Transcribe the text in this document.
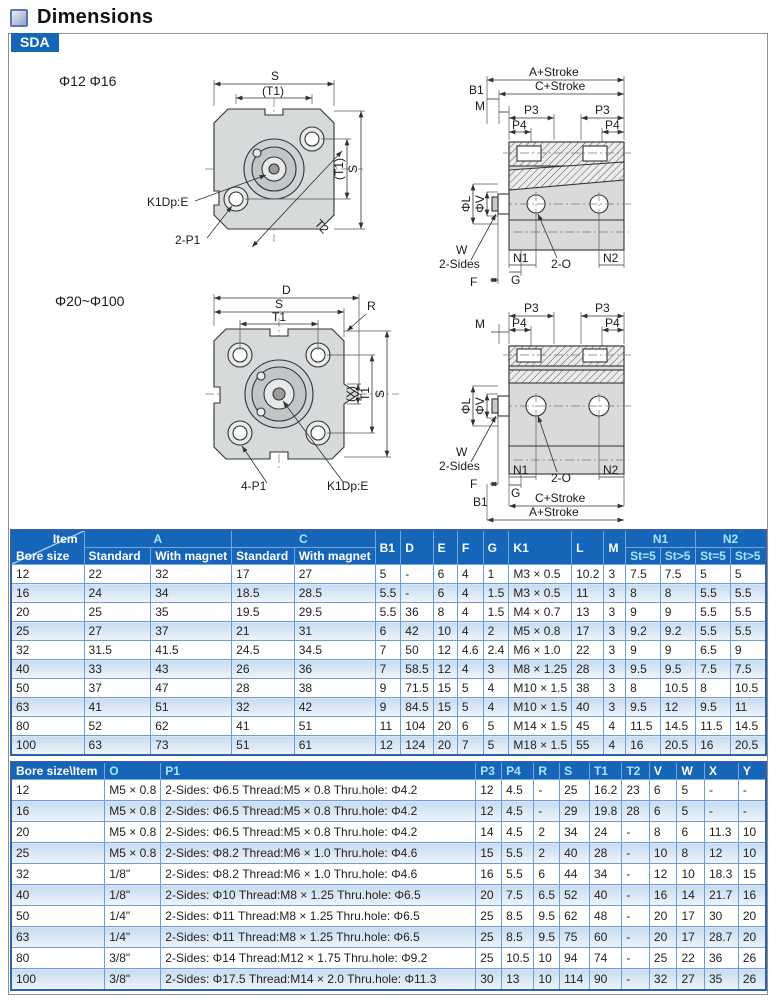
Dimensions
SDA
Φ12 Φ16	S
(T1)
(T1) S
T2
K1Dp:E
2-P1
A+Stroke
C+Stroke
B1
M	P3	P3
P4	P4
ΦL ΦV
W
2-Sides	N1	N2
2-O
G
F
Φ20~Φ100
D
S
T1
R
(X) T1 S
4-P1	K1Dp:E
P3	P3
P4	P4
M
ΦL ΦV
W
2-Sides	N1	N2
2-O
F
G
B1	C+Stroke
A+Stroke
Item
Bore size	A		C		B1	D	E	F	G	K1	L	M	N1		N2	
	Standard	With magnet	Standard	With magnet									St=5	St>5	St=5	St>5
12	22	32	17	27	5	-	6	4	1	M3 × 0.5	10.2	3	7.5	7.5	5	5
16	24	34	18.5	28.5	5.5	-	6	4	1.5	M3 × 0.5	11	3	8	8	5.5	5.5
20	25	35	19.5	29.5	5.5	36	8	4	1.5	M4 × 0.7	13	3	9	9	5.5	5.5
25	27	37	21	31	6	42	10	4	2	M5 × 0.8	17	3	9.2	9.2	5.5	5.5
32	31.5	41.5	24.5	34.5	7	50	12	4.6	2.4	M6 × 1.0	22	3	9	9	6.5	9
40	33	43	26	36	7	58.5	12	4	3	M8 × 1.25	28	3	9.5	9.5	7.5	7.5
50	37	47	28	38	9	71.5	15	5	4	M10 × 1.5	38	3	8	10.5	8	10.5
63	41	51	32	42	9	84.5	15	5	4	M10 × 1.5	40	3	9.5	12	9.5	11
80	52	62	41	51	11	104	20	6	5	M14 × 1.5	45	4	11.5	14.5	11.5	14.5
100	63	73	51	61	12	124	20	7	5	M18 × 1.5	55	4	16	20.5	16	20.5
Bore size\Item	O	P1	P3	P4	R	S	T1	T2	V	W	X	Y
12	M5 × 0.8	2-Sides: Φ6.5 Thread:M5 × 0.8 Thru.hole: Φ4.2	12	4.5	-	25	16.2	23	6	5	-	-
16	M5 × 0.8	2-Sides: Φ6.5 Thread:M5 × 0.8 Thru.hole: Φ4.2	12	4.5	-	29	19.8	28	6	5	-	-
20	M5 × 0.8	2-Sides: Φ6.5 Thread:M5 × 0.8 Thru.hole: Φ4.2	14	4.5	2	34	24	-	8	6	11.3	10
25	M5 × 0.8	2-Sides: Φ8.2 Thread:M6 × 1.0 Thru.hole: Φ4.6	15	5.5	2	40	28	-	10	8	12	10
32	1/8"	2-Sides: Φ8.2 Thread:M6 × 1.0 Thru.hole: Φ4.6	16	5.5	6	44	34	-	12	10	18.3	15
40	1/8"	2-Sides: Φ10 Thread:M8 × 1.25 Thru.hole: Φ6.5	20	7.5	6.5	52	40	-	16	14	21.7	16
50	1/4"	2-Sides: Φ11 Thread:M8 × 1.25 Thru.hole: Φ6.5	25	8.5	9.5	62	48	-	20	17	30	20
63	1/4"	2-Sides: Φ11 Thread:M8 × 1.25 Thru.hole: Φ6.5	25	8.5	9.5	75	60	-	20	17	28.7	20
80	3/8"	2-Sides: Φ14 Thread:M12 × 1.75 Thru.hole: Φ9.2	25	10.5	10	94	74	-	25	22	36	26
100	3/8"	2-Sides: Φ17.5 Thread:M14 × 2.0 Thru.hole: Φ11.3	30	13	10	114	90	-	32	27	35	26
